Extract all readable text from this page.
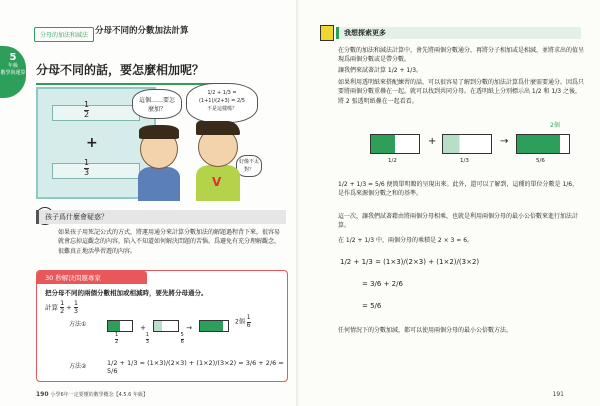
分母的加法和減法 分母不同的分數加法計算
5
年級
數學與運算 分母不同的話，要怎麼相加呢？
$\frac{1}{2}$
+
$\frac{1}{3}$
這個……要怎麼加？
1/2 + 1/3 = (1+1)/(2+3) = 2/5
不是這樣嗎？
好像不太對？
V
孩子爲什麼會疑惑？
如果孩子用死記公式的方式，將運用通分來計算分數加法的解題過程背下來，很容易就會忘掉這觀念的內容，陷入不知道如何解決問題的苦惱。爲避免有充分理解觀念，很難真正地活學習遊的內容。
30 秒解決問題專家
把分母不同的兩個分數相加或相減時，要先將分母通分。
計算 $\frac{1}{2} + \frac{1}{3}$
方法①	+	→
2個 $\frac{1}{6}$
$\frac{1}{2}$
	$\frac{1}{3}$
	$\frac{5}{6}$
方法②	1/2 + 1/3 = (1×3)/(2×3) + (1×2)/(3×2) = 3/6 + 2/6 = 5/6
190 小學6年一定要懂的數學概念【4.5.6 年級】
我想探索更多
在分數的加法和減法計算中，會先將兩個分數通分，再將分子相加或是相減，並將求出的值呈現爲兩個分數或是帶分數。
讓我們來試著計算 1/2 + 1/3。
如果利用透明紙來搭配練習的話，可以很容易了解到分數的加法計算爲什麼需要通分。因爲只要將兩個分數重疊在一起，就可以找到共同分母。在透明紙上分別標示出 1/2 和 1/3 之後，將 2 張透明紙疊在一起看看。
+	→
2個
1/2	1/3	5/6
1/2 + 1/3 = 5/6 便簡單明瞭的呈現出來。此外，還可以了解到，這種的單位分數是 1/6，是作爲來源個分數之和的基準。
這一次，讓我們試著藉由將兩個分母相乘，也就是利用兩個分母的最小公倍數來進行加法計算。
在 1/2 + 1/3 中，兩個分母的乘積是 2 × 3 = 6。
1/2 + 1/3 = (1×3)/(2×3) + (1×2)/(3×2)
= 3/6 + 2/6
= 5/6
任何情況下的分數加減，都可以使用兩個分母的最小公倍數方法。
191
